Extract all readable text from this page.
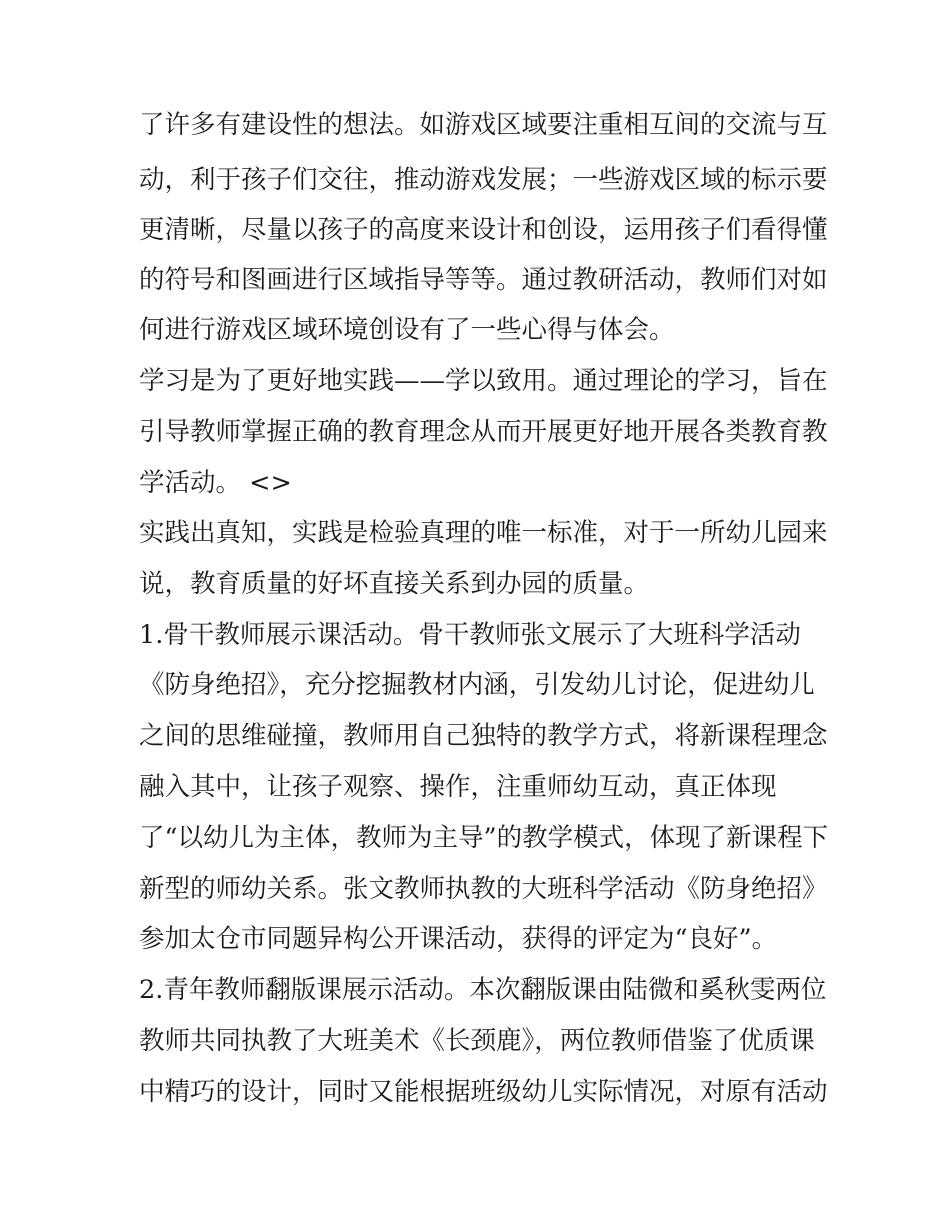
了许多有建设性的想法。如游戏区域要注重相互间的交流与互
动，利于孩子们交往，推动游戏发展；一些游戏区域的标示要
更清晰，尽量以孩子的高度来设计和创设，运用孩子们看得懂
的符号和图画进行区域指导等等。通过教研活动，教师们对如
何进行游戏区域环境创设有了一些心得与体会。
学习是为了更好地实践——学以致用。通过理论的学习，旨在
引导教师掌握正确的教育理念从而开展更好地开展各类教育教
学活动。 <>
实践出真知，实践是检验真理的唯一标准，对于一所幼儿园来
说，教育质量的好坏直接关系到办园的质量。
1.骨干教师展示课活动。骨干教师张文展示了大班科学活动
《防身绝招》，充分挖掘教材内涵，引发幼儿讨论，促进幼儿
之间的思维碰撞，教师用自己独特的教学方式，将新课程理念
融入其中，让孩子观察、操作，注重师幼互动，真正体现
了“以幼儿为主体，教师为主导”的教学模式，体现了新课程下
新型的师幼关系。张文教师执教的大班科学活动《防身绝招》
参加太仓市同题异构公开课活动，获得的评定为“良好”。
2.青年教师翻版课展示活动。本次翻版课由陆微和奚秋雯两位
教师共同执教了大班美术《长颈鹿》，两位教师借鉴了优质课
中精巧的设计，同时又能根据班级幼儿实际情况，对原有活动
